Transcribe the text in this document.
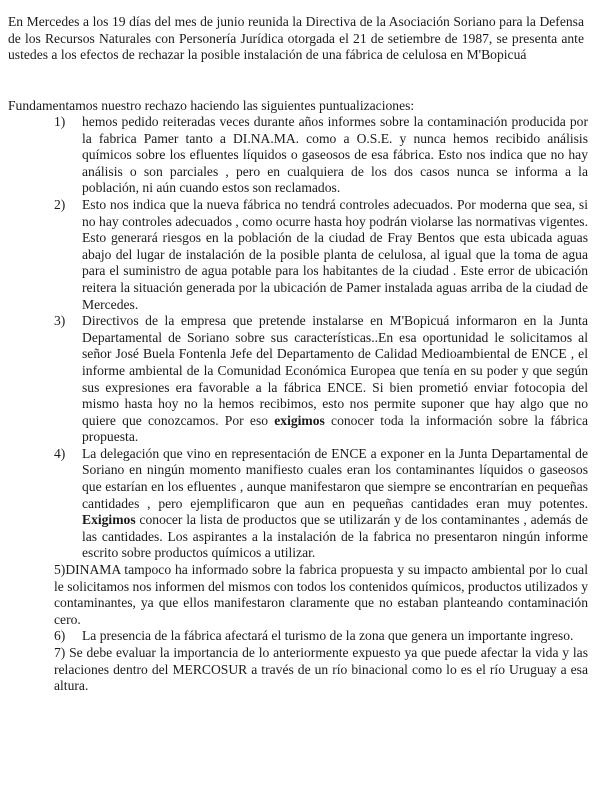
En Mercedes a los 19 días del mes de junio reunida la Directiva de la Asociación Soriano para la Defensa de los Recursos Naturales con Personería Jurídica otorgada el 21 de setiembre de 1987, se presenta ante ustedes a los efectos de rechazar la posible instalación de una fábrica de celulosa en M'Bopicuá

Fundamentamos nuestro rechazo haciendo las siguientes puntualizaciones:

1) hemos pedido reiteradas veces durante años informes sobre la contaminación producida por la fabrica Pamer tanto a DI.NA.MA. como a O.S.E. y nunca hemos recibido análisis químicos sobre los efluentes líquidos o gaseosos de esa fábrica. Esto nos indica que no hay análisis o son parciales , pero en cualquiera de los dos casos nunca se informa a la población, ni aún cuando estos son reclamados.
2) Esto nos indica que la nueva fábrica no tendrá controles adecuados. Por moderna que sea, si no hay controles adecuados , como ocurre hasta hoy podrán violarse las normativas vigentes. Esto generará riesgos en la población de la ciudad de Fray Bentos que esta ubicada aguas abajo del lugar de instalación de la posible planta de celulosa, al igual que la toma de agua para el suministro de agua potable para los habitantes de la ciudad . Este error de ubicación reitera la situación generada por la ubicación de Pamer instalada aguas arriba de la ciudad de Mercedes.
3) Directivos de la empresa que pretende instalarse en M'Bopicuá informaron en la Junta Departamental de Soriano sobre sus características..En esa oportunidad le solicitamos al señor José Buela Fontenla Jefe del Departamento de Calidad Medioambiental de ENCE , el informe ambiental de la Comunidad Económica Europea que tenía en su poder y que según sus expresiones era favorable a la fábrica ENCE. Si bien prometió enviar fotocopia del mismo hasta hoy no la hemos recibimos, esto nos permite suponer que hay algo que no quiere que conozcamos. Por eso exigimos conocer toda la información sobre la fábrica propuesta.
4) La delegación que vino en representación de ENCE a exponer en la Junta Departamental de Soriano en ningún momento manifiesto cuales eran los contaminantes líquidos o gaseosos que estarían en los efluentes , aunque manifestaron que siempre se encontrarían en pequeñas cantidades , pero ejemplificaron que aun en pequeñas cantidades eran muy potentes. Exigimos conocer la lista de productos que se utilizarán y de los contaminantes , además de las cantidades. Los aspirantes a la instalación de la fabrica no presentaron ningún informe escrito sobre productos químicos a utilizar.
5)DINAMA tampoco ha informado sobre la fabrica propuesta y su impacto ambiental por lo cual le solicitamos nos informen del mismos con todos los contenidos químicos, productos utilizados y contaminantes, ya que ellos manifestaron claramente que no estaban planteando contaminación cero.
6) La presencia de la fábrica afectará el turismo de la zona que genera un importante ingreso.
7) Se debe evaluar la importancia de lo anteriormente expuesto ya que puede afectar la vida y las relaciones dentro del MERCOSUR a través de un río binacional como lo es el río Uruguay a esa altura.
